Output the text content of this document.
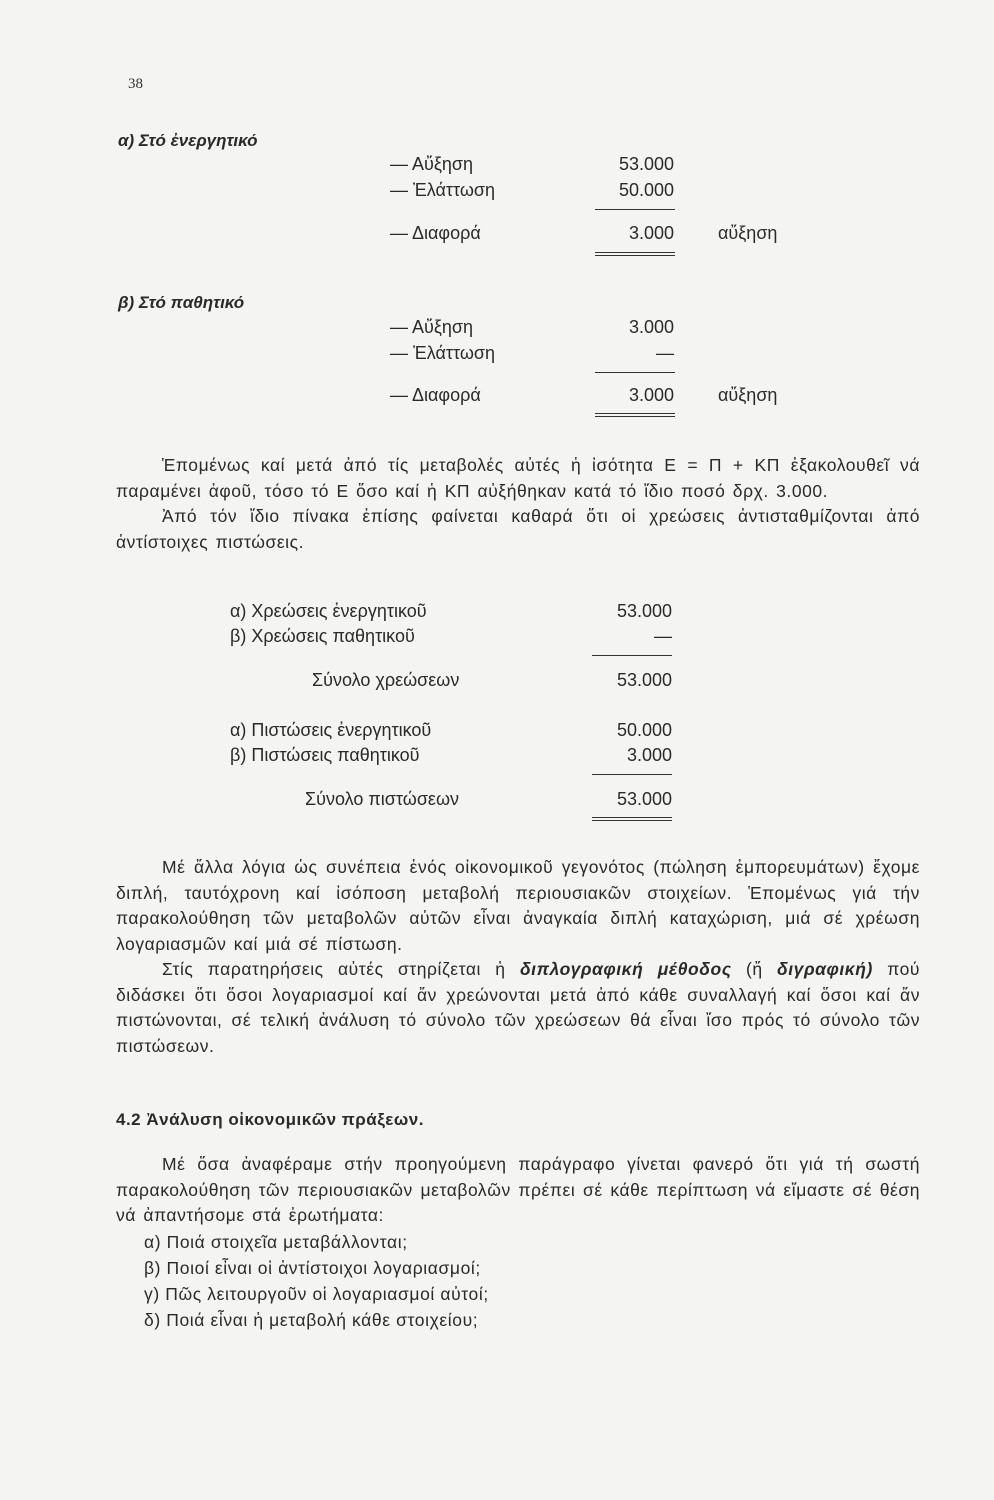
38
α) Στό ἐνεργητικό
— Αὔξηση	53.000
— Ἐλάττωση	50.000
— Διαφορά	3.000 αὔξηση
β) Στό παθητικό
— Αὔξηση	3.000
— Ἐλάττωση	—
— Διαφορά	3.000 αὔξηση

Ἑπομένως καί μετά ἀπό τίς μεταβολές αὐτές ἡ ἰσότητα Ε = Π + ΚΠ ἐξακολουθεῖ νά παραμένει ἀφοῦ, τόσο τό Ε ὅσο καί ἡ ΚΠ αὐξήθηκαν κατά τό ἴδιο ποσό δρχ. 3.000.

Ἀπό τόν ἴδιο πίνακα ἐπίσης φαίνεται καθαρά ὅτι οἱ χρεώσεις ἀντισταθμίζονται ἀπό ἀντίστοιχες πιστώσεις.

α) Χρεώσεις ἐνεργητικοῦ	53.000
β) Χρεώσεις παθητικοῦ	—
Σύνολο χρεώσεων	53.000
α) Πιστώσεις ἐνεργητικοῦ	50.000
β) Πιστώσεις παθητικοῦ	3.000
Σύνολο πιστώσεων	53.000

Μέ ἄλλα λόγια ὡς συνέπεια ἑνός οἰκονομικοῦ γεγονότος (πώληση ἐμπορευμάτων) ἔχομε διπλή, ταυτόχρονη καί ἰσόποση μεταβολή περιουσιακῶν στοιχείων. Ἑπομένως γιά τήν παρακολούθηση τῶν μεταβολῶν αὐτῶν εἶναι ἀναγκαία διπλή καταχώριση, μιά σέ χρέωση λογαριασμῶν καί μιά σέ πίστωση.

Στίς παρατηρήσεις αὐτές στηρίζεται ἡ διπλογραφική μέθοδος (ἤ διγραφική) πού διδάσκει ὅτι ὅσοι λογαριασμοί καί ἄν χρεώνονται μετά ἀπό κάθε συναλλαγή καί ὅσοι καί ἄν πιστώνονται, σέ τελική ἀνάλυση τό σύνολο τῶν χρεώσεων θά εἶναι ἴσο πρός τό σύνολο τῶν πιστώσεων.

4.2 Ἀνάλυση οἰκονομικῶν πράξεων.

Μέ ὅσα ἀναφέραμε στήν προηγούμενη παράγραφο γίνεται φανερό ὅτι γιά τή σωστή παρακολούθηση τῶν περιουσιακῶν μεταβολῶν πρέπει σέ κάθε περίπτωση νά εἴμαστε σέ θέση νά ἀπαντήσομε στά ἐρωτήματα:

α) Ποιά στοιχεῖα μεταβάλλονται;
β) Ποιοί εἶναι οἱ ἀντίστοιχοι λογαριασμοί;
γ) Πῶς λειτουργοῦν οἱ λογαριασμοί αὐτοί;
δ) Ποιά εἶναι ἡ μεταβολή κάθε στοιχείου;
